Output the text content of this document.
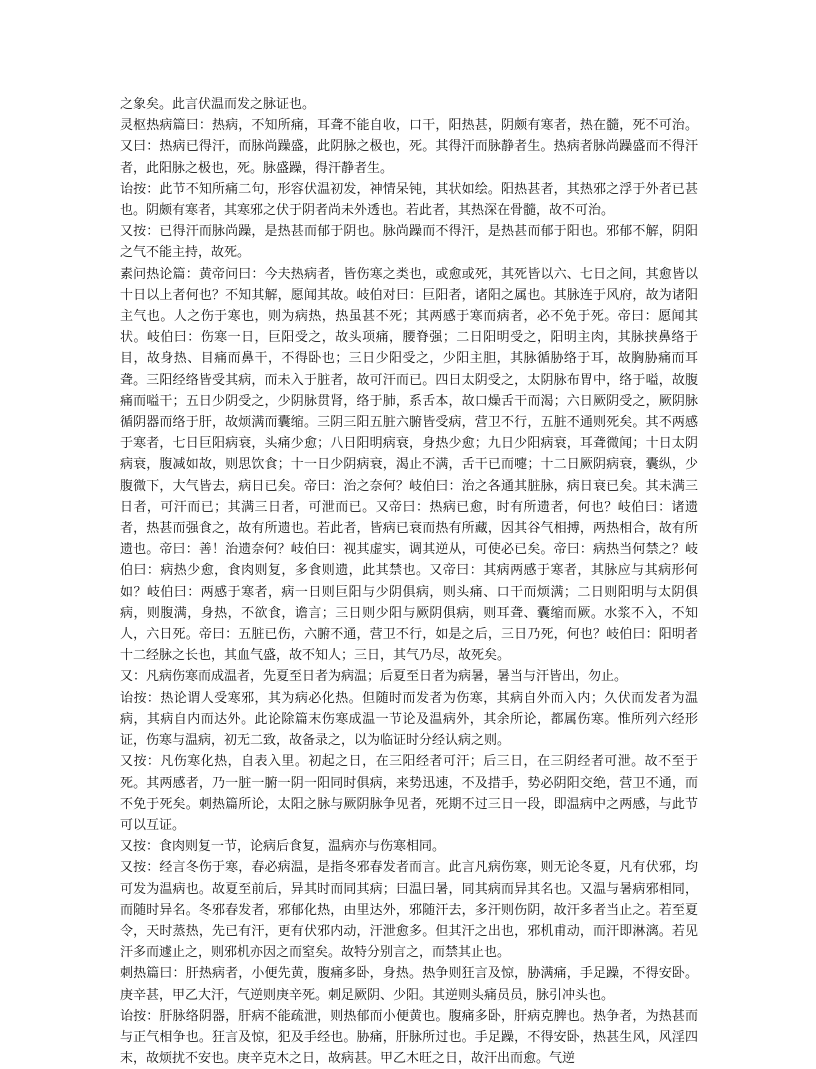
之象矣。此言伏温而发之脉证也。

灵枢热病篇曰：热病，不知所痛，耳聋不能自收，口干，阳热甚，阴颇有寒者，热在髓，死不可治。又曰：热病已得汗，而脉尚躁盛，此阴脉之极也，死。其得汗而脉静者生。热病者脉尚躁盛而不得汗者，此阳脉之极也，死。脉盛躁，得汗静者生。

诒按：此节不知所痛二句，形容伏温初发，神情呆钝，其状如绘。阳热甚者，其热邪之浮于外者已甚也。阴颇有寒者，其寒邪之伏于阴者尚未外透也。若此者，其热深在骨髓，故不可治。

又按：已得汗而脉尚躁，是热甚而郁于阴也。脉尚躁而不得汗，是热甚而郁于阳也。邪郁不解，阴阳之气不能主持，故死。

素问热论篇：黄帝问曰：今夫热病者，皆伤寒之类也，或愈或死，其死皆以六、七日之间，其愈皆以十日以上者何也？不知其解，愿闻其故。岐伯对曰：巨阳者，诸阳之属也。其脉连于风府，故为诸阳主气也。人之伤于寒也，则为病热，热虽甚不死；其两感于寒而病者，必不免于死。帝曰：愿闻其状。岐伯曰：伤寒一日，巨阳受之，故头项痛，腰脊强；二日阳明受之，阳明主肉，其脉挟鼻络于目，故身热、目痛而鼻干，不得卧也；三日少阳受之，少阳主胆，其脉循胁络于耳，故胸胁痛而耳聋。三阳经络皆受其病，而未入于脏者，故可汗而已。四日太阴受之，太阴脉布胃中，络于嗌，故腹痛而嗌干；五日少阴受之，少阴脉贯肾，络于肺，系舌本，故口燥舌干而渴；六日厥阴受之，厥阴脉循阴器而络于肝，故烦满而囊缩。三阴三阳五脏六腑皆受病，营卫不行，五脏不通则死矣。其不两感于寒者，七日巨阳病衰，头痛少愈；八日阳明病衰，身热少愈；九日少阳病衰，耳聋微闻；十日太阴病衰，腹减如故，则思饮食；十一日少阴病衰，渴止不满，舌干已而嚏；十二日厥阴病衰，囊纵，少腹微下，大气皆去，病日已矣。帝曰：治之奈何？岐伯曰：治之各通其脏脉，病日衰已矣。其未满三日者，可汗而已；其满三日者，可泄而已。又帝曰：热病已愈，时有所遗者，何也？岐伯曰：诸遗者，热甚而强食之，故有所遗也。若此者，皆病已衰而热有所藏，因其谷气相搏，两热相合，故有所遗也。帝曰：善！治遗奈何？岐伯曰：视其虚实，调其逆从，可使必已矣。帝曰：病热当何禁之？岐伯曰：病热少愈，食肉则复，多食则遗，此其禁也。又帝曰：其病两感于寒者，其脉应与其病形何如？岐伯曰：两感于寒者，病一日则巨阳与少阴俱病，则头痛、口干而烦满；二日则阳明与太阴俱病，则腹满，身热，不欲食，谵言；三日则少阳与厥阴俱病，则耳聋、囊缩而厥。水浆不入，不知人，六日死。帝曰：五脏已伤，六腑不通，营卫不行，如是之后，三日乃死，何也？岐伯曰：阳明者十二经脉之长也，其血气盛，故不知人；三日，其气乃尽，故死矣。

又：凡病伤寒而成温者，先夏至日者为病温；后夏至日者为病暑，暑当与汗皆出，勿止。

诒按：热论谓人受寒邪，其为病必化热。但随时而发者为伤寒，其病自外而入内；久伏而发者为温病，其病自内而达外。此论除篇末伤寒成温一节论及温病外，其余所论，都属伤寒。惟所列六经形证，伤寒与温病，初无二致，故备录之，以为临证时分经认病之则。

又按：凡伤寒化热，自表入里。初起之日，在三阳经者可汗；后三日，在三阴经者可泄。故不至于死。其两感者，乃一脏一腑一阴一阳同时俱病，来势迅速，不及措手，势必阴阳交绝，营卫不通，而不免于死矣。刺热篇所论，太阳之脉与厥阴脉争见者，死期不过三日一段，即温病中之两感，与此节可以互证。

又按：食肉则复一节，论病后食复，温病亦与伤寒相同。

又按：经言冬伤于寒，春必病温，是指冬邪春发者而言。此言凡病伤寒，则无论冬夏，凡有伏邪，均可发为温病也。故夏至前后，异其时而同其病；曰温曰暑，同其病而异其名也。又温与暑病邪相同，而随时异名。冬邪春发者，邪郁化热，由里达外，邪随汗去，多汗则伤阴，故汗多者当止之。若至夏令，天时蒸热，先已有汗，更有伏邪内动，汗泄愈多。但其汗之出也，邪机甫动，而汗即淋漓。若见汗多而遽止之，则邪机亦因之而窒矣。故特分别言之，而禁其止也。

刺热篇曰：肝热病者，小便先黄，腹痛多卧，身热。热争则狂言及惊，胁满痛，手足躁，不得安卧。庚辛甚，甲乙大汗，气逆则庚辛死。刺足厥阴、少阳。其逆则头痛员员，脉引冲头也。

诒按：肝脉络阴器，肝病不能疏泄，则热郁而小便黄也。腹痛多卧，肝病克脾也。热争者，为热甚而与正气相争也。狂言及惊，犯及手经也。胁痛，肝脉所过也。手足躁，不得安卧，热甚生风，风淫四末，故烦扰不安也。庚辛克木之日，故病甚。甲乙木旺之日，故汗出而愈。气逆
